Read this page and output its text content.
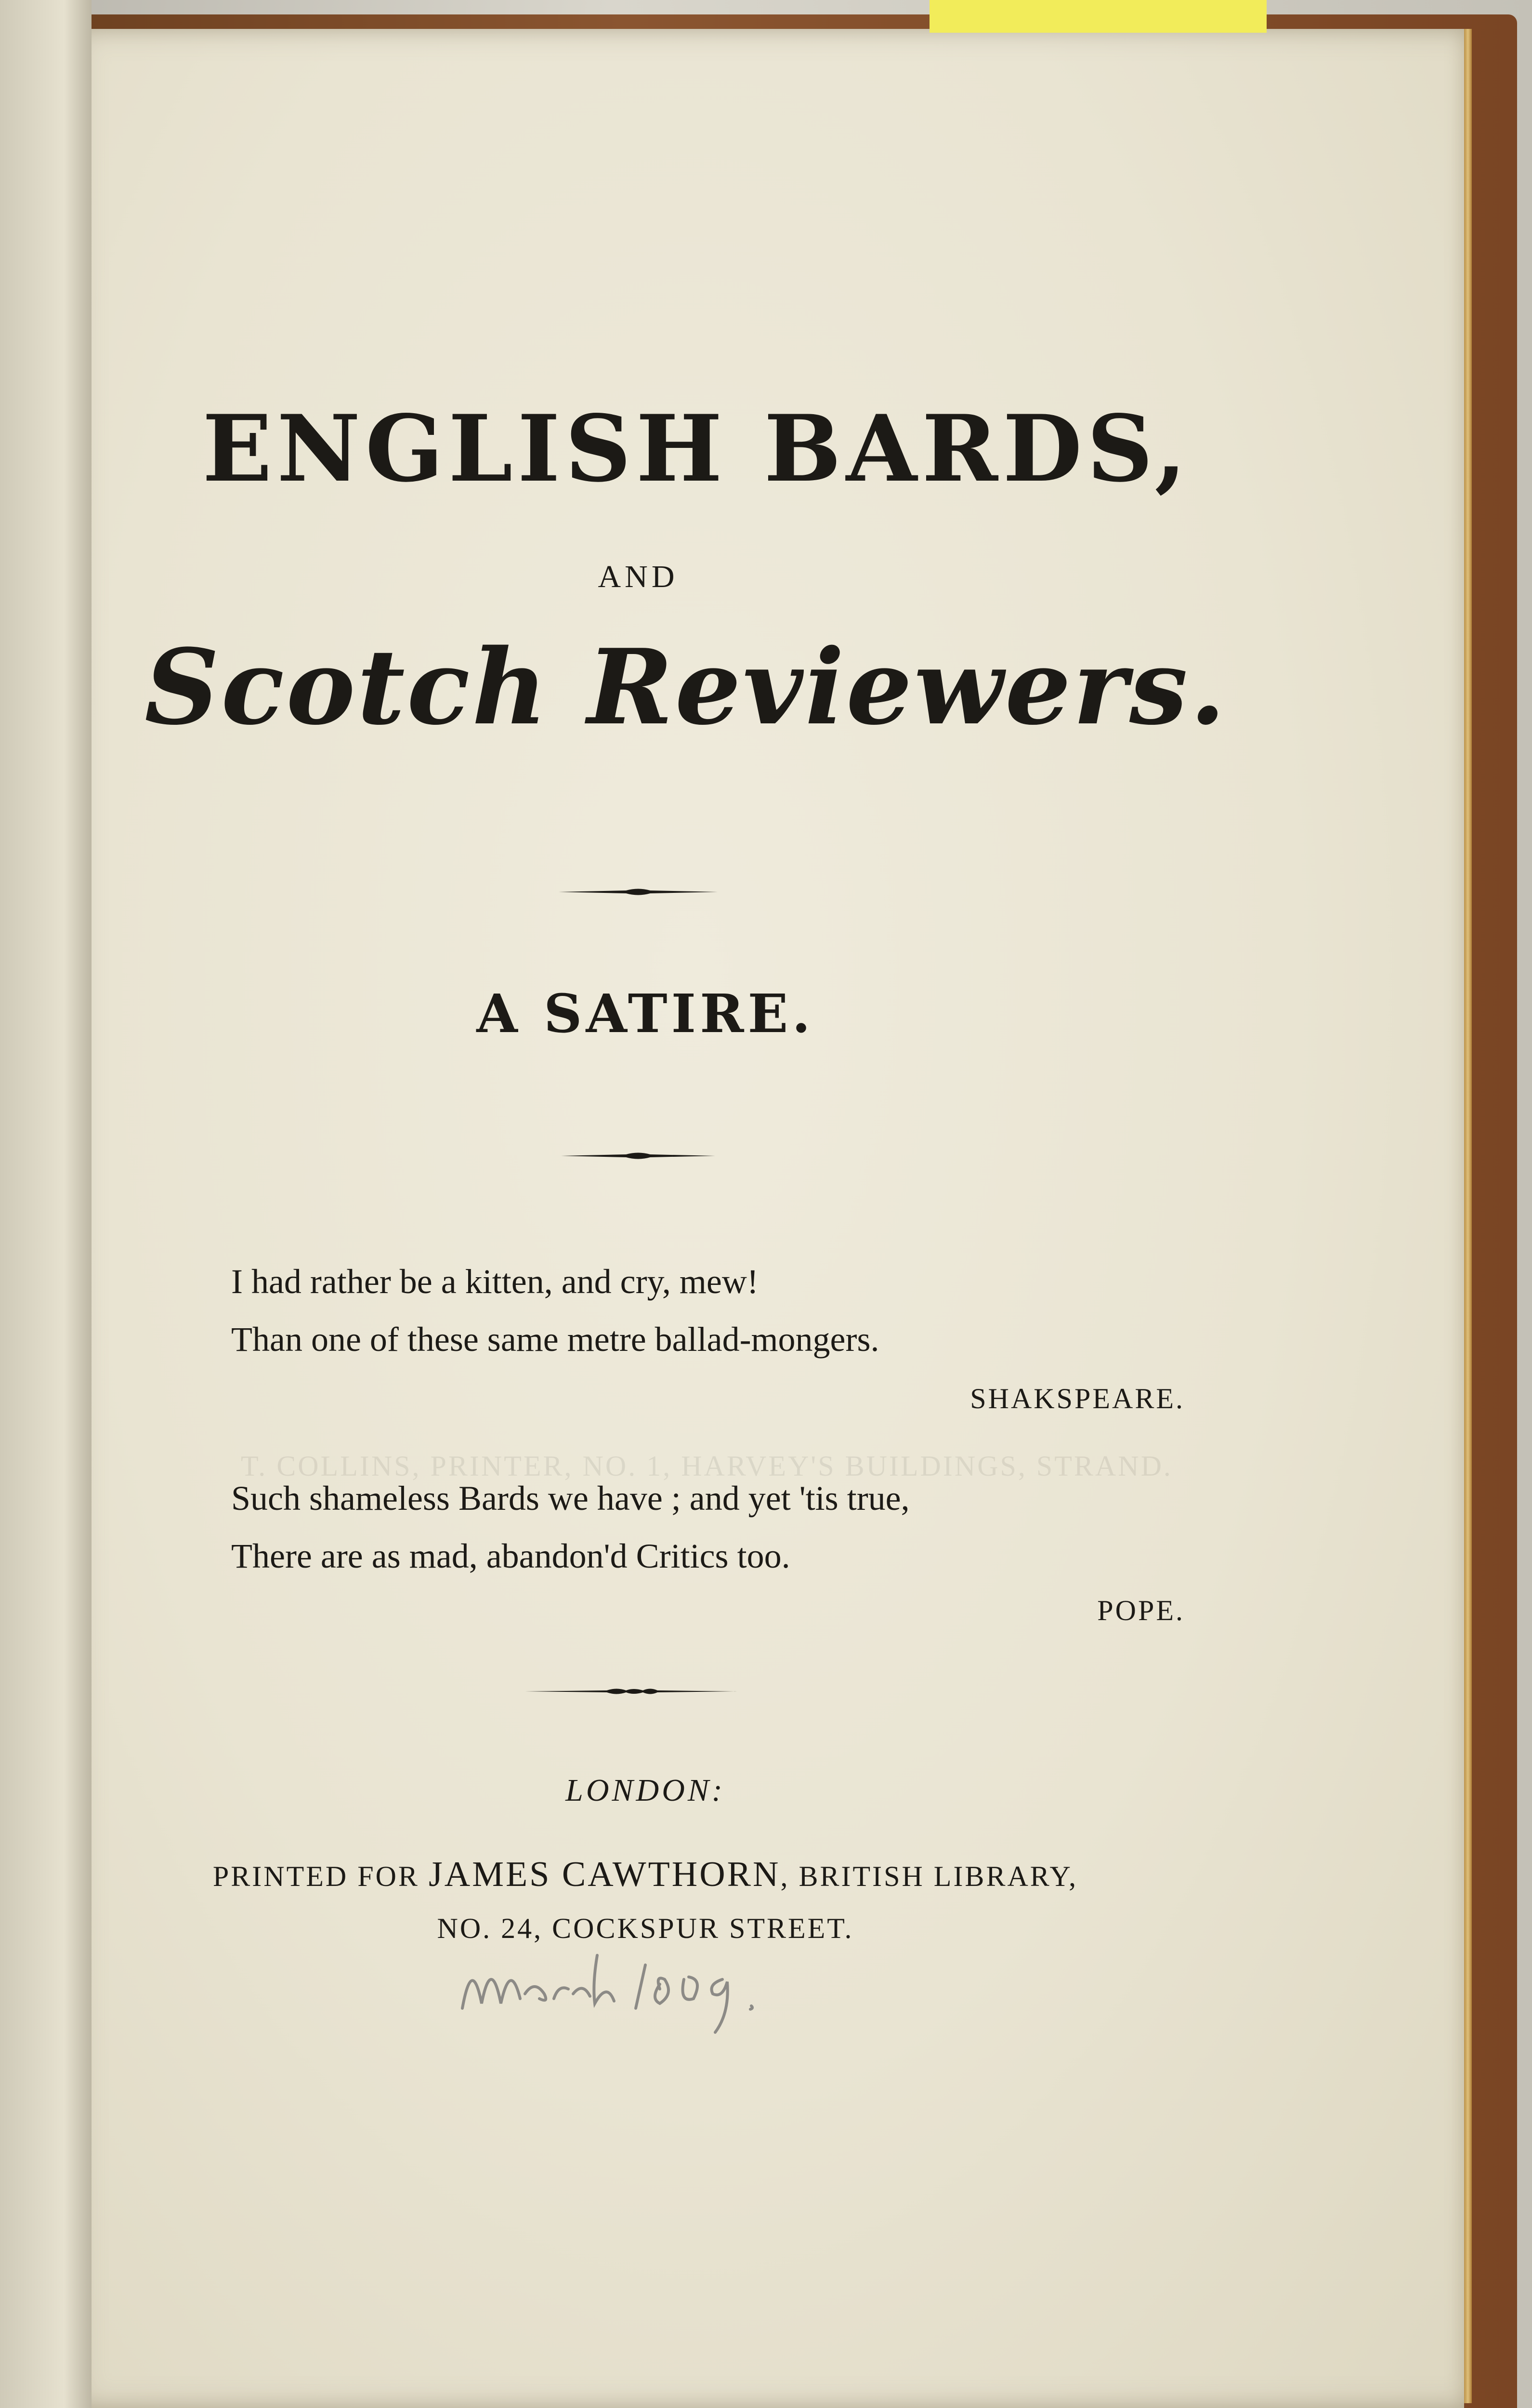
ENGLISH BARDS,
AND
Scotch Reviewers.
A SATIRE.
I had rather be a kitten, and cry, mew!
Than one of these same metre ballad-mongers.
SHAKSPEARE.
T. COLLINS, PRINTER, NO. 1, HARVEY'S BUILDINGS, STRAND.
Such shameless Bards we have ; and yet 'tis true,
There are as mad, abandon'd Critics too.
POPE.
LONDON:
PRINTED FOR JAMES CAWTHORN, BRITISH LIBRARY,
NO. 24, COCKSPUR STREET.
